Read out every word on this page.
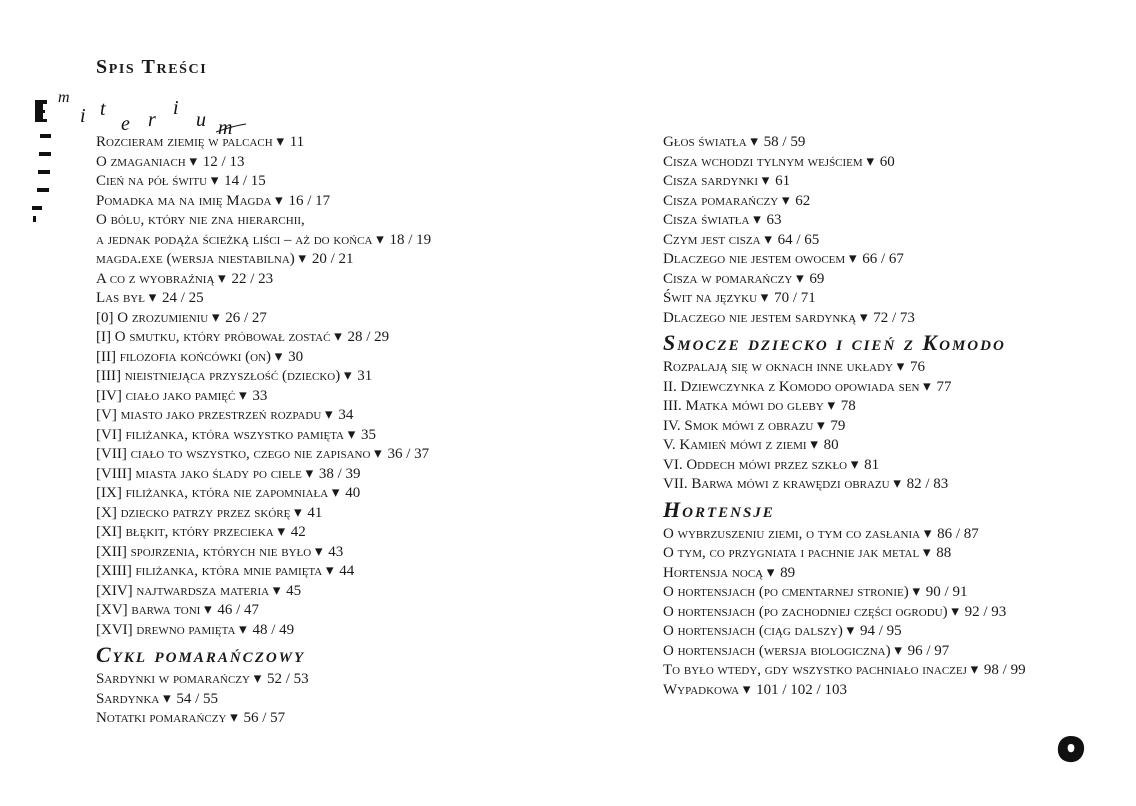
Spis Treści
m
i t
e r
i
u m
Rozcieram ziemię w palcach ▾ 11
O zmaganiach ▾ 12 / 13
Cień na pół świtu ▾ 14 / 15
Pomadka ma na imię Magda ▾ 16 / 17
O bólu, który nie zna hierarchii,
a jednak podąża ścieżką liści – aż do końca ▾ 18 / 19
magda.exe (wersja niestabilna) ▾ 20 / 21
A co z wyobraźnią ▾ 22 / 23
Las był ▾ 24 / 25
[0] O zrozumieniu ▾ 26 / 27
[I] O smutku, który próbował zostać ▾ 28 / 29
[II] filozofia końcówki (on) ▾ 30
[III] nieistniejąca przyszłość (dziecko) ▾ 31
[IV] ciało jako pamięć ▾ 33
[V] miasto jako przestrzeń rozpadu ▾ 34
[VI] filiżanka, która wszystko pamięta ▾ 35
[VII] ciało to wszystko, czego nie zapisano ▾ 36 / 37
[VIII] miasta jako ślady po ciele ▾ 38 / 39
[IX] filiżanka, która nie zapomniała ▾ 40
[X] dziecko patrzy przez skórę ▾ 41
[XI] błękit, który przecieka ▾ 42
[XII] spojrzenia, których nie było ▾ 43
[XIII] filiżanka, która mnie pamięta ▾ 44
[XIV] najtwardsza materia ▾ 45
[XV] barwa toni ▾ 46 / 47
[XVI] drewno pamięta ▾ 48 / 49
Cykl pomarańczowy
Sardynki w pomarańczy ▾ 52 / 53
Sardynka ▾ 54 / 55
Notatki pomarańczy ▾ 56 / 57
Głos światła ▾ 58 / 59
Cisza wchodzi tylnym wejściem ▾ 60
Cisza sardynki ▾ 61
Cisza pomarańczy ▾ 62
Cisza światła ▾ 63
Czym jest cisza ▾ 64 / 65
Dlaczego nie jestem owocem ▾ 66 / 67
Cisza w pomarańczy ▾ 69
Świt na języku ▾ 70 / 71
Dlaczego nie jestem sardynką ▾ 72 / 73
Smocze dziecko i cień z Komodo
Rozpalają się w oknach inne układy ▾ 76
II. Dziewczynka z Komodo opowiada sen ▾ 77
III. Matka mówi do gleby ▾ 78
IV. Smok mówi z obrazu ▾ 79
V. Kamień mówi z ziemi ▾ 80
VI. Oddech mówi przez szkło ▾ 81
VII. Barwa mówi z krawędzi obrazu ▾ 82 / 83
Hortensje
O wybrzuszeniu ziemi, o tym co zasłania ▾ 86 / 87
O tym, co przygniata i pachnie jak metal ▾ 88
Hortensja nocą ▾ 89
O hortensjach (po cmentarnej stronie) ▾ 90 / 91
O hortensjach (po zachodniej części ogrodu) ▾ 92 / 93
O hortensjach (ciąg dalszy) ▾ 94 / 95
O hortensjach (wersja biologiczna) ▾ 96 / 97
To było wtedy, gdy wszystko pachniało inaczej ▾ 98 / 99
Wypadkowa ▾ 101 / 102 / 103
